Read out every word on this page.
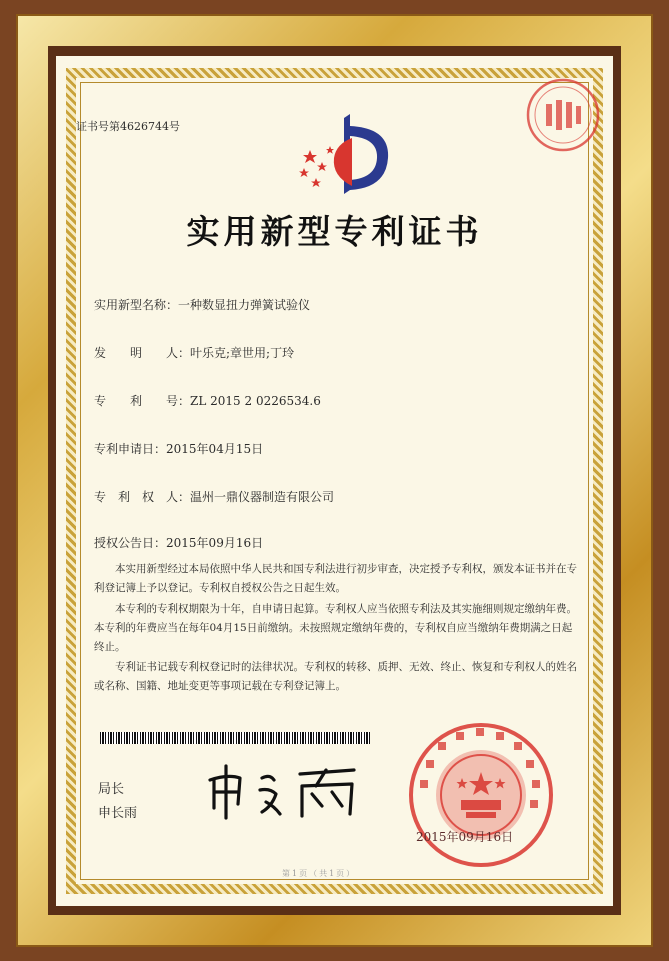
证书号第4626744号
实用新型专利证书
实用新型名称：一种数显扭力弹簧试验仪
发　　明　　人：叶乐克;章世用;丁玲
专　　利　　号：ZL 2015 2 0226534.6
专利申请日：2015年04月15日
专　利　权　人：温州一鼎仪器制造有限公司
授权公告日：2015年09月16日
本实用新型经过本局依照中华人民共和国专利法进行初步审查，决定授予专利权，颁发本证书并在专利登记簿上予以登记。专利权自授权公告之日起生效。
本专利的专利权期限为十年，自申请日起算。专利权人应当依照专利法及其实施细则规定缴纳年费。本专利的年费应当在每年04月15日前缴纳。未按照规定缴纳年费的，专利权自应当缴纳年费期满之日起终止。
专利证书记载专利权登记时的法律状况。专利权的转移、质押、无效、终止、恢复和专利权人的姓名或名称、国籍、地址变更等事项记载在专利登记簿上。
局长
申长雨
2015年09月16日
第1页（共1页）
